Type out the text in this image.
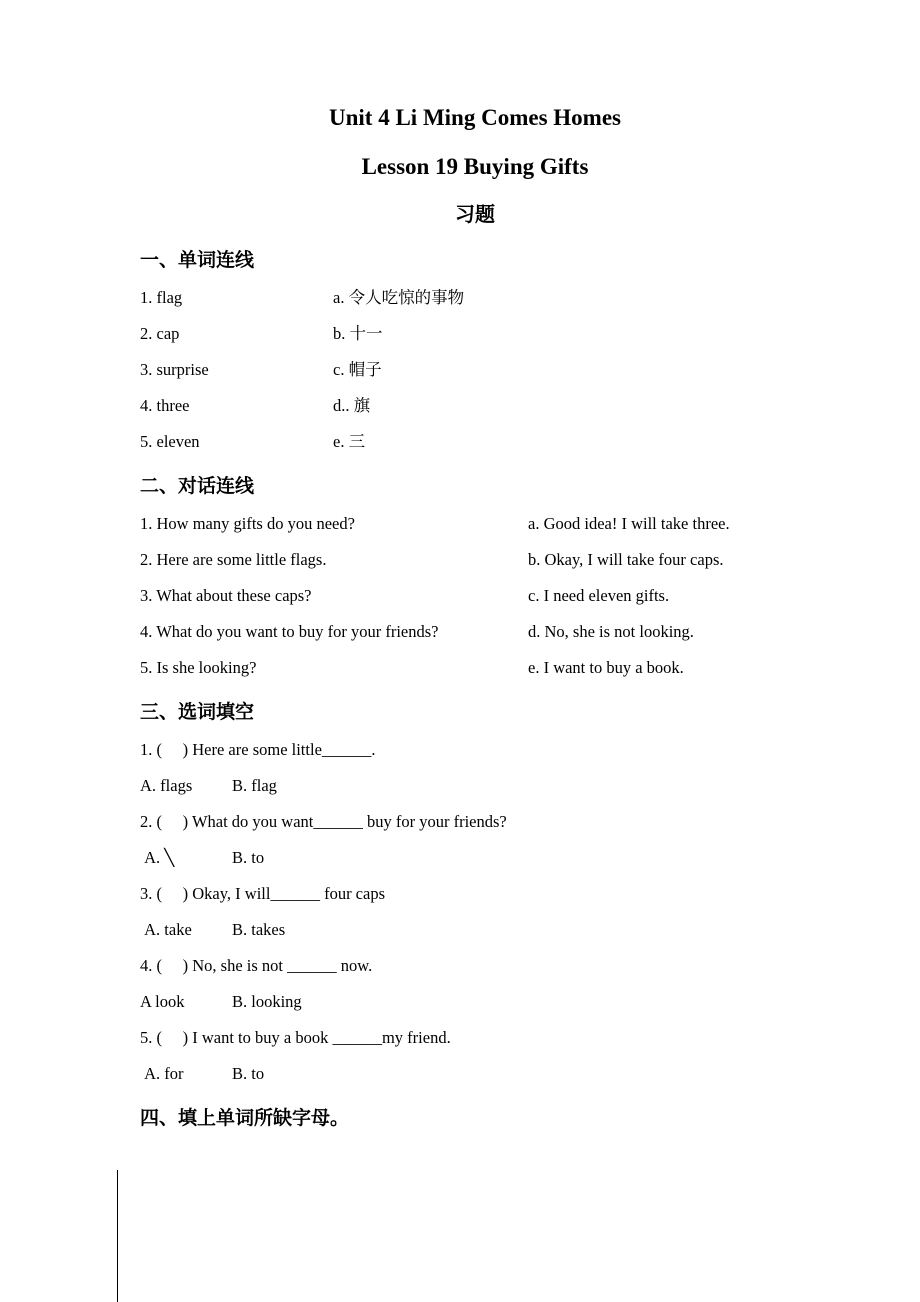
Unit 4 Li Ming Comes Homes

Lesson 19 Buying Gifts

习题

一、单词连线

1. flag	a. 令人吃惊的事物
2. cap	b. 十一
3. surprise	c. 帽子
4. three	d.. 旗
5. eleven	e. 三

二、对话连线

1. How many gifts do you need?	a. Good idea! I will take three.
2. Here are some little flags.	b. Okay, I will take four caps.
3. What about these caps?	c. I need eleven gifts.
4. What do you want to buy for your friends?	d. No, she is not looking.
5. Is she looking?	e. I want to buy a book.

三、选词填空

1. (     ) Here are some little______.

A. flags B. flag

2. (     ) What do you want______ buy for your friends?

A. ╲	B. to

3. (     ) Okay, I will______ four caps

A. take B. takes

4. (     ) No, she is not ______ now.

A look	B. looking

5. (     ) I want to buy a book ______my friend.

A. for	B. to

四、填上单词所缺字母。
